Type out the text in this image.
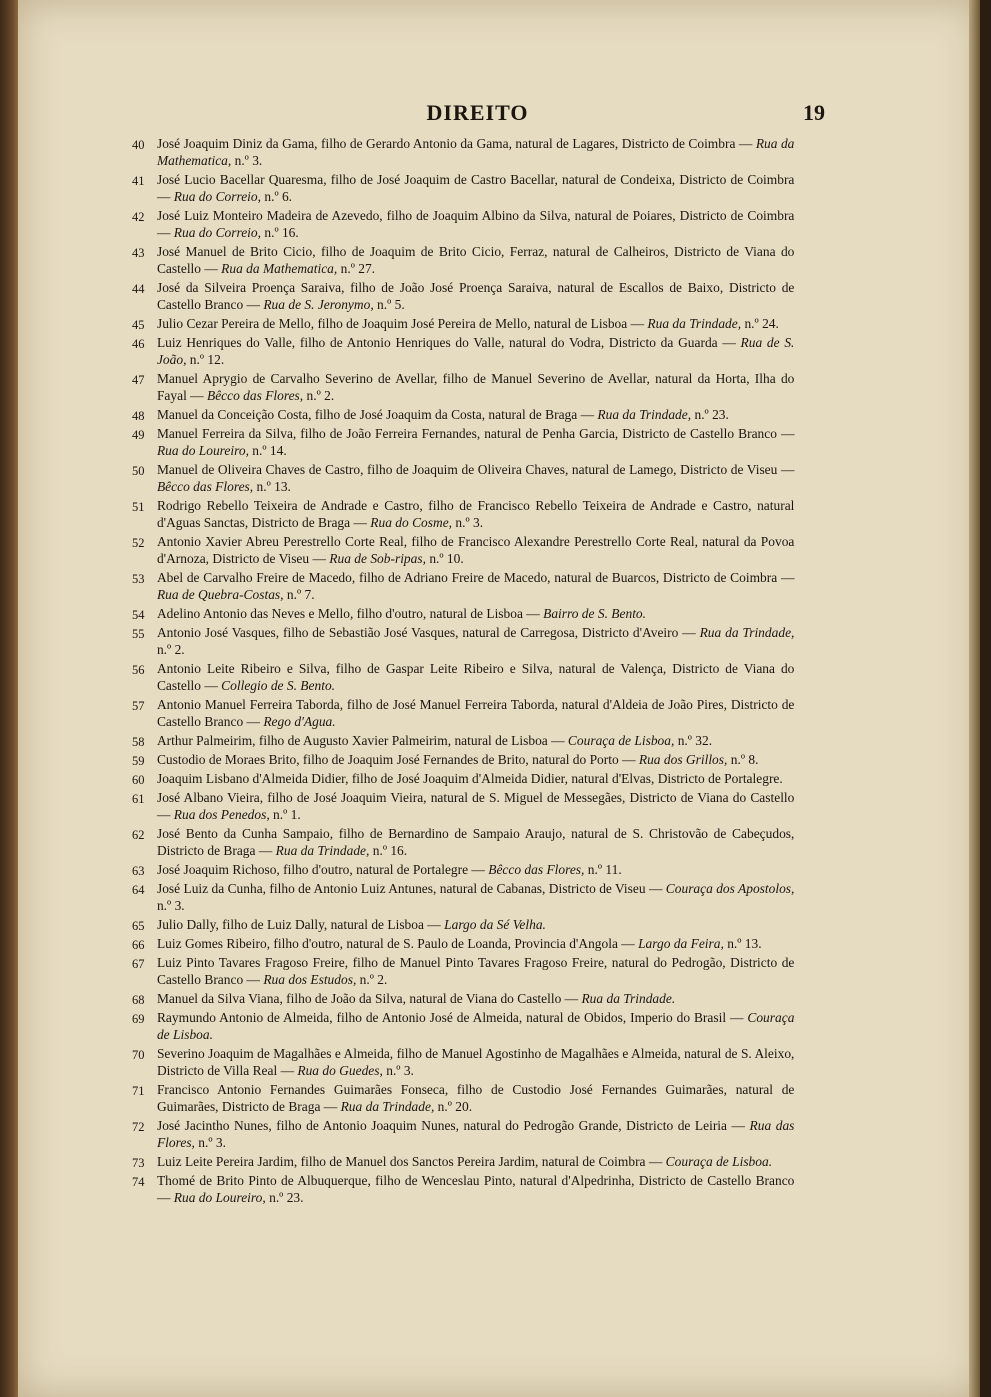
DIREITO	19
40 José Joaquim Diniz da Gama, filho de Gerardo Antonio da Gama, natural de Lagares, Districto de Coimbra — Rua da Mathematica, n.º 3.
41 José Lucio Bacellar Quaresma, filho de José Joaquim de Castro Bacellar, natural de Condeixa, Districto de Coimbra — Rua do Correio, n.º 6.
42 José Luiz Monteiro Madeira de Azevedo, filho de Joaquim Albino da Silva, natural de Poiares, Districto de Coimbra — Rua do Correio, n.º 16.
43 José Manuel de Brito Cicio, filho de Joaquim de Brito Cicio, Ferraz, natural de Calheiros, Districto de Viana do Castello — Rua da Mathematica, n.º 27.
44 José da Silveira Proença Saraiva, filho de João José Proença Saraiva, natural de Escallos de Baixo, Districto de Castello Branco — Rua de S. Jeronymo, n.º 5.
45 Julio Cezar Pereira de Mello, filho de Joaquim José Pereira de Mello, natural de Lisboa — Rua da Trindade, n.º 24.
46 Luiz Henriques do Valle, filho de Antonio Henriques do Valle, natural do Vodra, Districto da Guarda — Rua de S. João, n.º 12.
47 Manuel Aprygio de Carvalho Severino de Avellar, filho de Manuel Severino de Avellar, natural da Horta, Ilha do Fayal — Bêcco das Flores, n.º 2.
48 Manuel da Conceição Costa, filho de José Joaquim da Costa, natural de Braga — Rua da Trindade, n.º 23.
49 Manuel Ferreira da Silva, filho de João Ferreira Fernandes, natural de Penha Garcia, Districto de Castello Branco — Rua do Loureiro, n.º 14.
50 Manuel de Oliveira Chaves de Castro, filho de Joaquim de Oliveira Chaves, natural de Lamego, Districto de Viseu — Bêcco das Flores, n.º 13.
51 Rodrigo Rebello Teixeira de Andrade e Castro, filho de Francisco Rebello Teixeira de Andrade e Castro, natural d'Aguas Sanctas, Districto de Braga — Rua do Cosme, n.º 3.
52 Antonio Xavier Abreu Perestrello Corte Real, filho de Francisco Alexandre Perestrello Corte Real, natural da Povoa d'Arnoza, Districto de Viseu — Rua de Sob-ripas, n.º 10.
53 Abel de Carvalho Freire de Macedo, filho de Adriano Freire de Macedo, natural de Buarcos, Districto de Coimbra — Rua de Quebra-Costas, n.º 7.
54 Adelino Antonio das Neves e Mello, filho d'outro, natural de Lisboa — Bairro de S. Bento.
55 Antonio José Vasques, filho de Sebastião José Vasques, natural de Carregosa, Districto d'Aveiro — Rua da Trindade, n.º 2.
56 Antonio Leite Ribeiro e Silva, filho de Gaspar Leite Ribeiro e Silva, natural de Valença, Districto de Viana do Castello — Collegio de S. Bento.
57 Antonio Manuel Ferreira Taborda, filho de José Manuel Ferreira Taborda, natural d'Aldeia de João Pires, Districto de Castello Branco — Rego d'Agua.
58 Arthur Palmeirim, filho de Augusto Xavier Palmeirim, natural de Lisboa — Couraça de Lisboa, n.º 32.
59 Custodio de Moraes Brito, filho de Joaquim José Fernandes de Brito, natural do Porto — Rua dos Grillos, n.º 8.
60 Joaquim Lisbano d'Almeida Didier, filho de José Joaquim d'Almeida Didier, natural d'Elvas, Districto de Portalegre.
61 José Albano Vieira, filho de José Joaquim Vieira, natural de S. Miguel de Messegães, Districto de Viana do Castello — Rua dos Penedos, n.º 1.
62 José Bento da Cunha Sampaio, filho de Bernardino de Sampaio Araujo, natural de S. Christovão de Cabeçudos, Districto de Braga — Rua da Trindade, n.º 16.
63 José Joaquim Richoso, filho d'outro, natural de Portalegre — Bêcco das Flores, n.º 11.
64 José Luiz da Cunha, filho de Antonio Luiz Antunes, natural de Cabanas, Districto de Viseu — Couraça dos Apostolos, n.º 3.
65 Julio Dally, filho de Luiz Dally, natural de Lisboa — Largo da Sé Velha.
66 Luiz Gomes Ribeiro, filho d'outro, natural de S. Paulo de Loanda, Provincia d'Angola — Largo da Feira, n.º 13.
67 Luiz Pinto Tavares Fragoso Freire, filho de Manuel Pinto Tavares Fragoso Freire, natural do Pedrogão, Districto de Castello Branco — Rua dos Estudos, n.º 2.
68 Manuel da Silva Viana, filho de João da Silva, natural de Viana do Castello — Rua da Trindade.
69 Raymundo Antonio de Almeida, filho de Antonio José de Almeida, natural de Obidos, Imperio do Brasil — Couraça de Lisboa.
70 Severino Joaquim de Magalhães e Almeida, filho de Manuel Agostinho de Magalhães e Almeida, natural de S. Aleixo, Districto de Villa Real — Rua do Guedes, n.º 3.
71 Francisco Antonio Fernandes Guimarães Fonseca, filho de Custodio José Fernandes Guimarães, natural de Guimarães, Districto de Braga — Rua da Trindade, n.º 20.
72 José Jacintho Nunes, filho de Antonio Joaquim Nunes, natural do Pedrogão Grande, Districto de Leiria — Rua das Flores, n.º 3.
73 Luiz Leite Pereira Jardim, filho de Manuel dos Sanctos Pereira Jardim, natural de Coimbra — Couraça de Lisboa.
74 Thomé de Brito Pinto de Albuquerque, filho de Wenceslau Pinto, natural d'Alpedrinha, Districto de Castello Branco — Rua do Loureiro, n.º 23.
